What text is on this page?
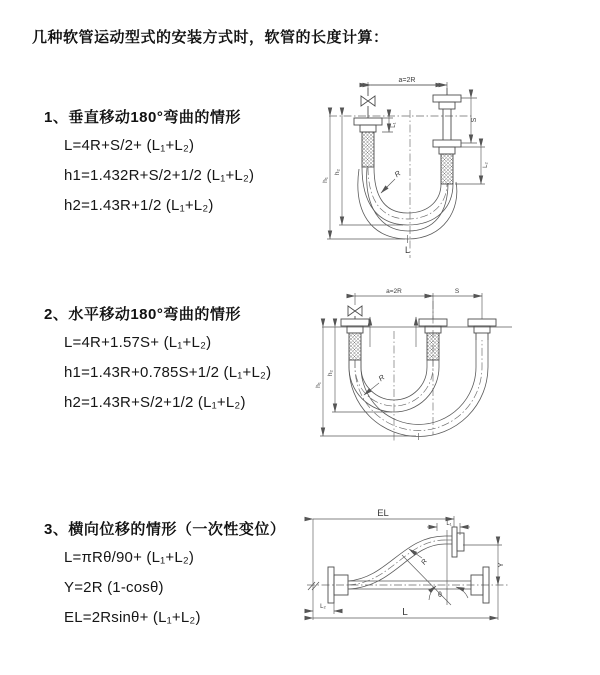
几种软管运动型式的安装方式时，软管的长度计算：
1、垂直移动180°弯曲的情形
L=4R+S/2+ (L₁+L₂)
h1=1.432R+S/2+1/2 (L₁+L₂)
h2=1.43R+1/2 (L₁+L₂)
2、水平移动180°弯曲的情形
L=4R+1.57S+ (L₁+L₂)
h1=1.43R+0.785S+1/2 (L₁+L₂)
h2=1.43R+S/2+1/2 (L₁+L₂)
3、横向位移的情形（一次性变位）
L=πRθ/90+ (L₁+L₂)
Y=2R (1-cosθ)
EL=2Rsinθ+ (L₁+L₂)
a=2R
S
L₂
h₁
h₂
L₁
R
L
a=2R	S
h₁
h₂	R
θ
EL
L₁
R	Y
L
L₂
